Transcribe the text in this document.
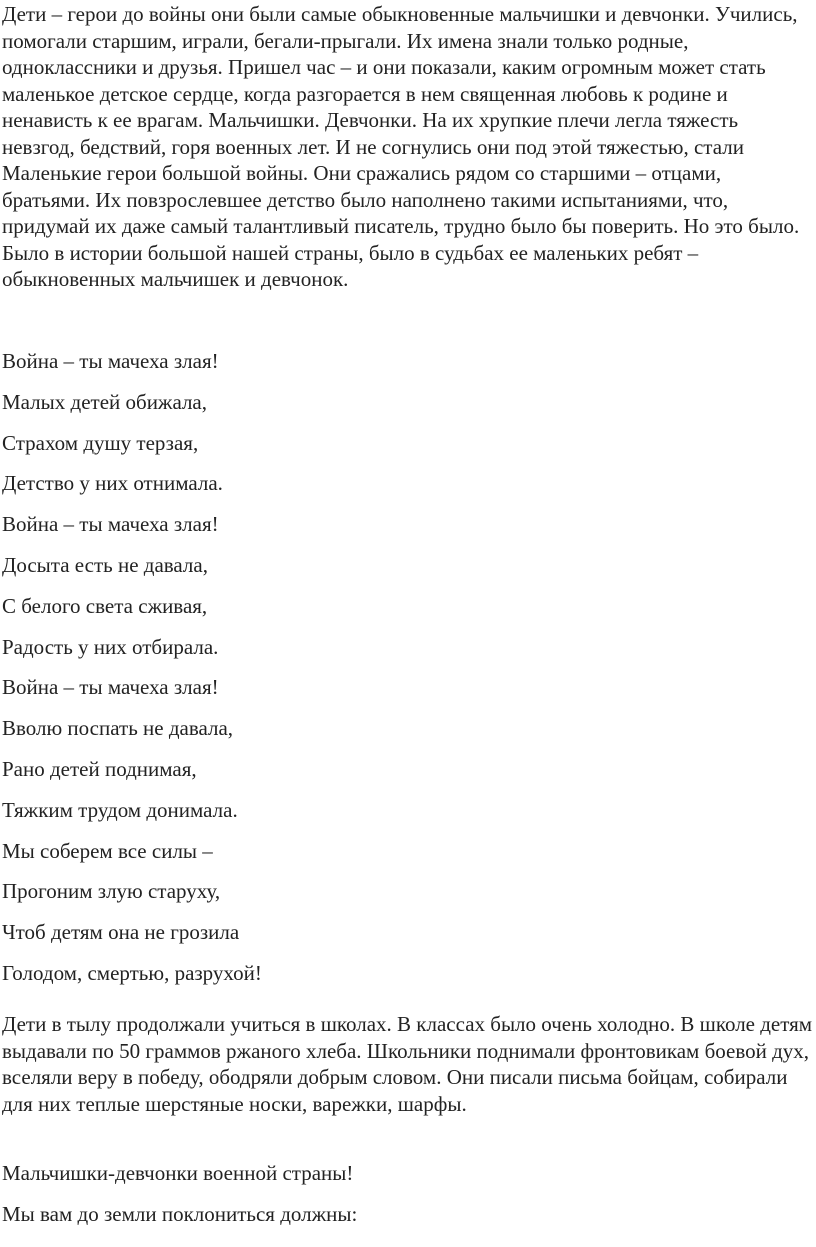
Дети – герои до войны они были самые обыкновенные мальчишки и девчонки. Учились, помогали старшим, играли, бегали-прыгали. Их имена знали только родные, одноклассники и друзья. Пришел час – и они показали, каким огромным может стать маленькое детское сердце, когда разгорается в нем священная любовь к родине и ненависть к ее врагам. Мальчишки. Девчонки. На их хрупкие плечи легла тяжесть невзгод, бедствий, горя военных лет. И не согнулись они под этой тяжестью, стали Маленькие герои большой войны. Они сражались рядом со старшими – отцами, братьями. Их повзрослевшее детство было наполнено такими испытаниями, что, придумай их даже самый талантливый писатель, трудно было бы поверить. Но это было. Было в истории большой нашей страны, было в судьбах ее маленьких ребят – обыкновенных мальчишек и девчонок.

Война – ты мачеха злая!
Малых детей обижала,
Страхом душу терзая,
Детство у них отнимала.
Война – ты мачеха злая!
Досыта есть не давала,
С белого света сживая,
Радость у них отбирала.
Война – ты мачеха злая!
Вволю поспать не давала,
Рано детей поднимая,
Тяжким трудом донимала.
Мы соберем все силы –
Прогоним злую старуху,
Чтоб детям она не грозила
Голодом, смертью, разрухой!

Дети в тылу продолжали учиться в школах. В классах было очень холодно. В школе детям выдавали по 50 граммов ржаного хлеба. Школьники поднимали фронтовикам боевой дух, вселяли веру в победу, ободряли добрым словом. Они писали письма бойцам, собирали для них теплые шерстяные носки, варежки, шарфы.

Мальчишки-девчонки военной страны!
Мы вам до земли поклониться должны:
